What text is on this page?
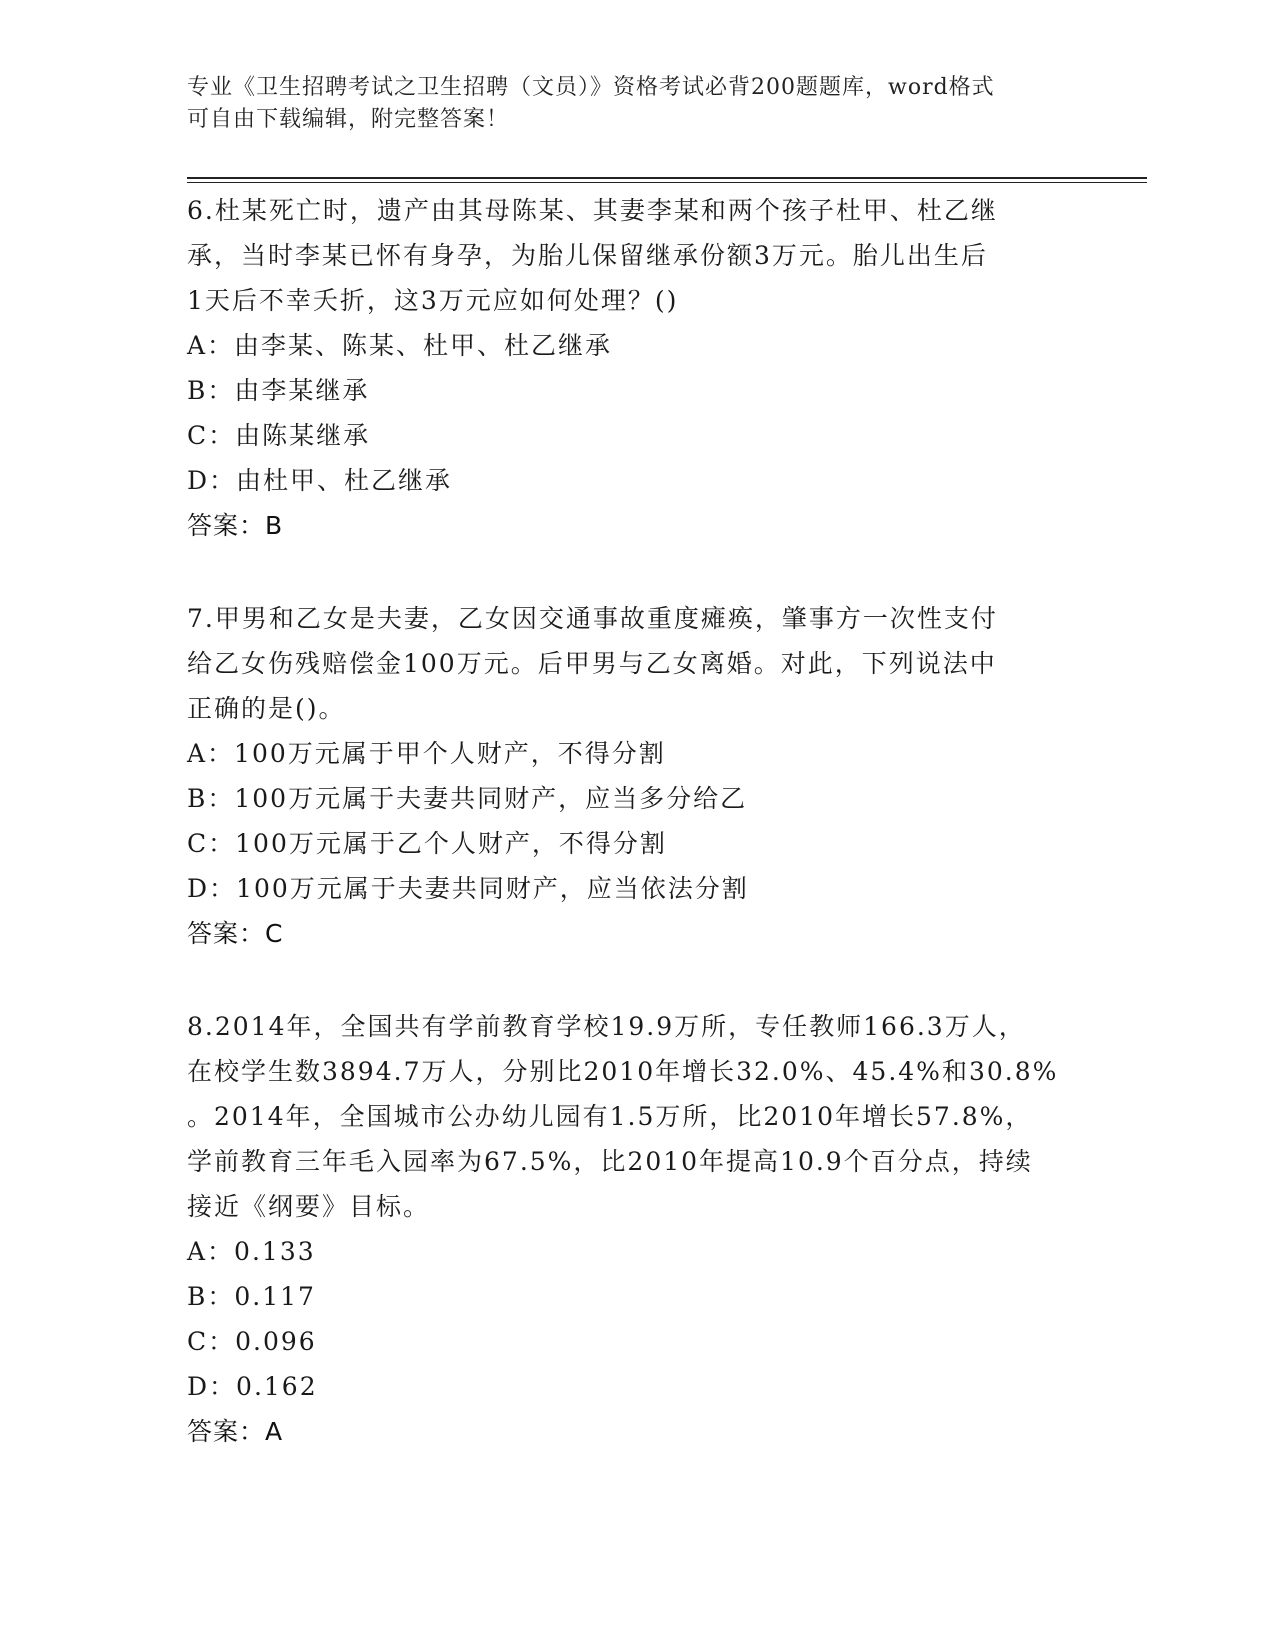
专业《卫生招聘考试之卫生招聘（文员）》资格考试必背200题题库，word格式
可自由下载编辑，附完整答案！
6.杜某死亡时，遗产由其母陈某、其妻李某和两个孩子杜甲、杜乙继
承，当时李某已怀有身孕，为胎儿保留继承份额3万元。胎儿出生后
1天后不幸夭折，这3万元应如何处理？()
A：由李某、陈某、杜甲、杜乙继承
B：由李某继承
C：由陈某继承
D：由杜甲、杜乙继承
答案：B
7.甲男和乙女是夫妻，乙女因交通事故重度瘫痪，肇事方一次性支付
给乙女伤残赔偿金100万元。后甲男与乙女离婚。对此，下列说法中
正确的是()。
A：100万元属于甲个人财产，不得分割
B：100万元属于夫妻共同财产，应当多分给乙
C：100万元属于乙个人财产，不得分割
D：100万元属于夫妻共同财产，应当依法分割
答案：C
8.2014年，全国共有学前教育学校19.9万所，专任教师166.3万人，
在校学生数3894.7万人，分别比2010年增长32.0%、45.4%和30.8%
。2014年，全国城市公办幼儿园有1.5万所，比2010年增长57.8%，
学前教育三年毛入园率为67.5%，比2010年提高10.9个百分点，持续
接近《纲要》目标。
A：0.133
B：0.117
C：0.096
D：0.162
答案：A
